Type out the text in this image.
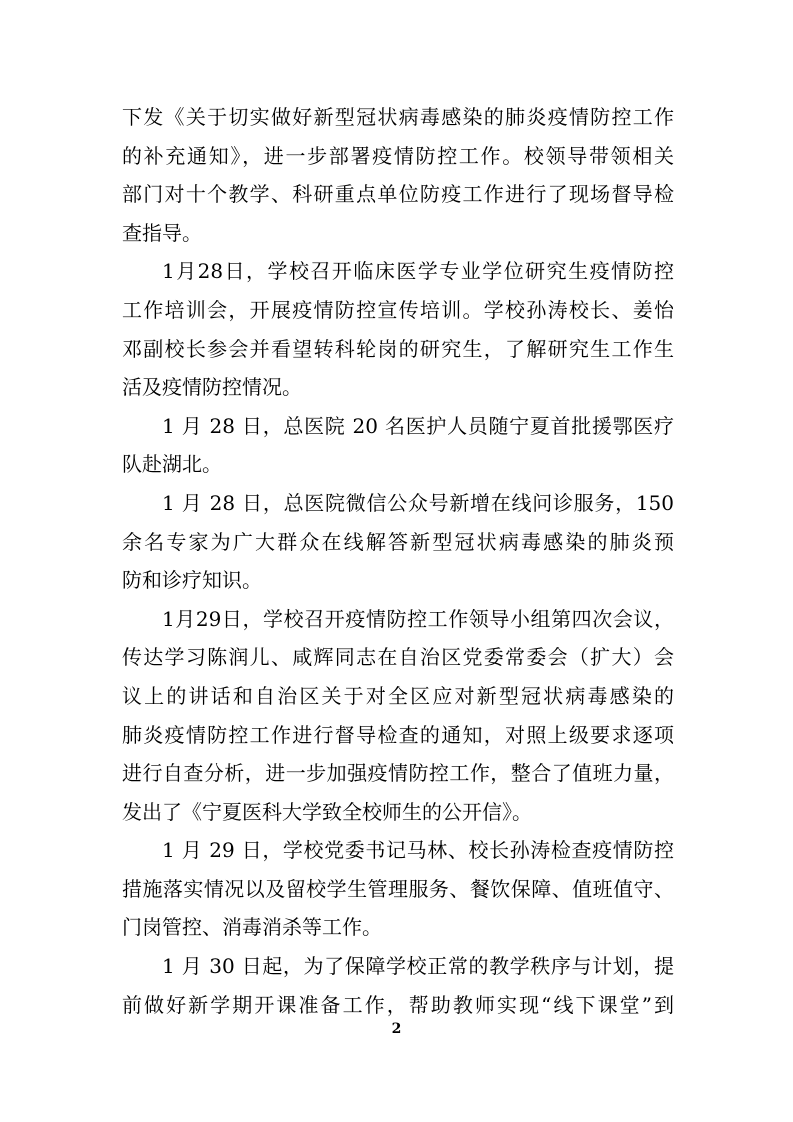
下发《关于切实做好新型冠状病毒感染的肺炎疫情防控工作
的补充通知》，进一步部署疫情防控工作。校领导带领相关
部门对十个教学、科研重点单位防疫工作进行了现场督导检
查指导。
1月28日，学校召开临床医学专业学位研究生疫情防控
工作培训会，开展疫情防控宣传培训。学校孙涛校长、姜怡
邓副校长参会并看望转科轮岗的研究生，了解研究生工作生
活及疫情防控情况。
1 月 28 日，总医院 20 名医护人员随宁夏首批援鄂医疗
队赴湖北。
1 月 28 日，总医院微信公众号新增在线问诊服务，150
余名专家为广大群众在线解答新型冠状病毒感染的肺炎预
防和诊疗知识。
1月29日，学校召开疫情防控工作领导小组第四次会议，
传达学习陈润儿、咸辉同志在自治区党委常委会（扩大）会
议上的讲话和自治区关于对全区应对新型冠状病毒感染的
肺炎疫情防控工作进行督导检查的通知，对照上级要求逐项
进行自查分析，进一步加强疫情防控工作，整合了值班力量，
发出了《宁夏医科大学致全校师生的公开信》。
1 月 29 日，学校党委书记马林、校长孙涛检查疫情防控
措施落实情况以及留校学生管理服务、餐饮保障、值班值守、
门岗管控、消毒消杀等工作。
1 月 30 日起，为了保障学校正常的教学秩序与计划，提
前做好新学期开课准备工作，帮助教师实现“线下课堂”到
2
